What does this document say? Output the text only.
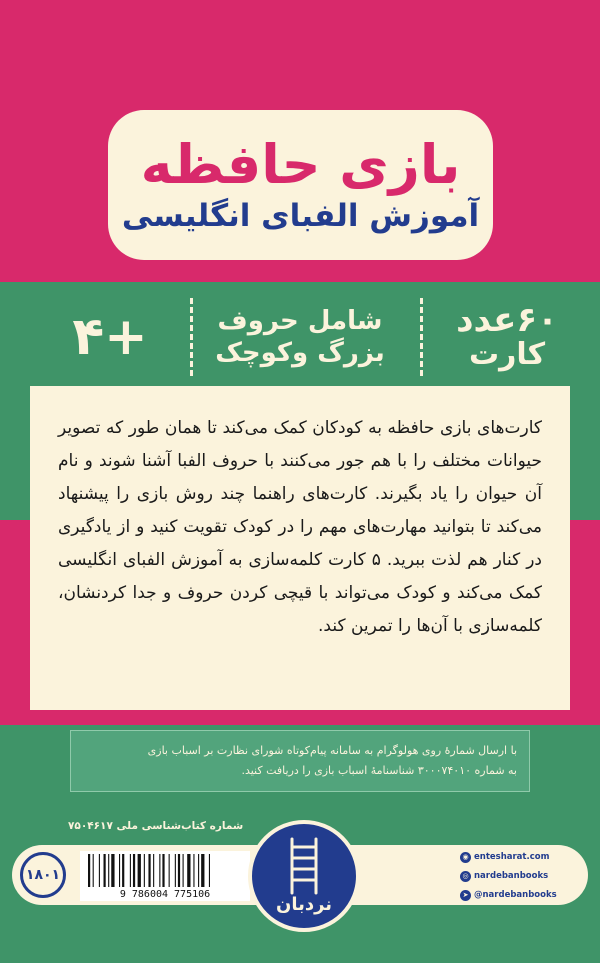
بازی حافظه
آموزش الفبای انگلیسی
۶۰عدد
کارت
شامل حروف
بزرگ وکوچک
۴+

کارت‌های بازی حافظه به کودکان کمک می‌کند تا همان طور که تصویر حیوانات مختلف را با هم جور می‌کنند با حروف الفبا آشنا شوند و نام آن حیوان را یاد بگیرند. کارت‌های راهنما چند روش بازی را پیشنهاد می‌کند تا بتوانید مهارت‌های مهم را در کودک تقویت کنید و از یادگیری در کنار هم لذت ببرید. ۵ کارت کلمه‌سازی به آموزش الفبای انگلیسی کمک می‌کند و کودک می‌تواند با قیچی کردن حروف و جدا کردنشان، کلمه‌سازی با آن‌ها را تمرین کند.

با ارسال شمارهٔ روی هولوگرام به سامانه پیام‌کوتاه شورای نظارت بر اسباب بازی
به شماره ۳۰۰۰۷۴۰۱۰ شناسنامهٔ اسباب بازی را دریافت کنید.
شماره کتاب‌شناسی ملی ۷۵۰۴۶۱۷
۱۸۰۱
9 786004 775106	نردبان
◉ entesharat.com
◎ nardebanbooks
➤ @nardebanbooks
